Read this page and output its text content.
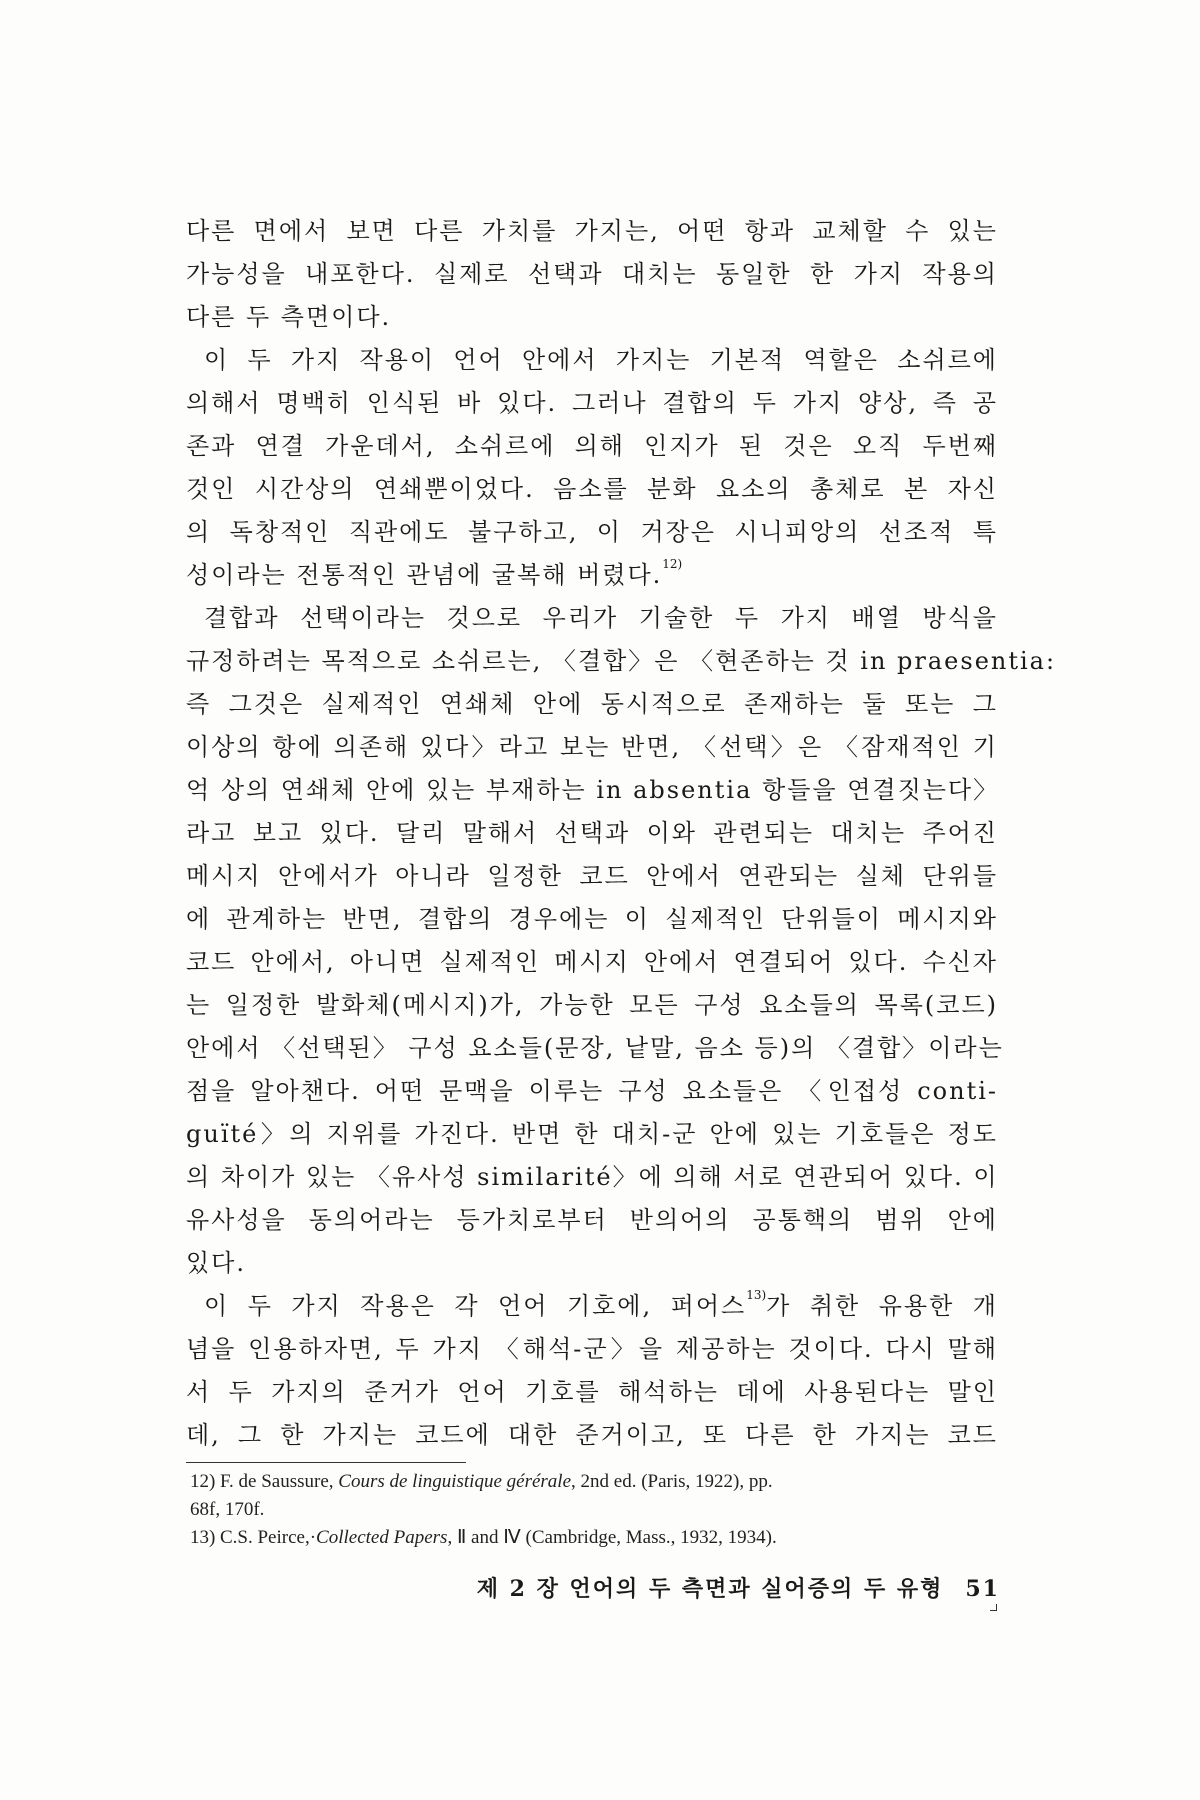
다른 면에서 보면 다른 가치를 가지는, 어떤 항과 교체할 수 있는
가능성을 내포한다. 실제로 선택과 대치는 동일한 한 가지 작용의
다른 두 측면이다.
이 두 가지 작용이 언어 안에서 가지는 기본적 역할은 소쉬르에
의해서 명백히 인식된 바 있다. 그러나 결합의 두 가지 양상, 즉 공
존과 연결 가운데서, 소쉬르에 의해 인지가 된 것은 오직 두번째
것인 시간상의 연쇄뿐이었다. 음소를 분화 요소의 총체로 본 자신
의 독창적인 직관에도 불구하고, 이 거장은 시니피앙의 선조적 특
성이라는 전통적인 관념에 굴복해 버렸다.$^{12)}$
결합과 선택이라는 것으로 우리가 기술한 두 가지 배열 방식을
규정하려는 목적으로 소쉬르는, 〈결합〉은 〈현존하는 것 in praesentia:
즉 그것은 실제적인 연쇄체 안에 동시적으로 존재하는 둘 또는 그
이상의 항에 의존해 있다〉라고 보는 반면, 〈선택〉은 〈잠재적인 기
억 상의 연쇄체 안에 있는 부재하는 in absentia 항들을 연결짓는다〉
라고 보고 있다. 달리 말해서 선택과 이와 관련되는 대치는 주어진
메시지 안에서가 아니라 일정한 코드 안에서 연관되는 실체 단위들
에 관계하는 반면, 결합의 경우에는 이 실제적인 단위들이 메시지와
코드 안에서, 아니면 실제적인 메시지 안에서 연결되어 있다. 수신자
는 일정한 발화체(메시지)가, 가능한 모든 구성 요소들의 목록(코드)
안에서 〈선택된〉 구성 요소들(문장, 낱말, 음소 등)의 〈결합〉이라는
점을 알아챈다. 어떤 문맥을 이루는 구성 요소들은 〈인접성 conti-
guïté〉의 지위를 가진다. 반면 한 대치-군 안에 있는 기호들은 정도
의 차이가 있는 〈유사성 similarité〉에 의해 서로 연관되어 있다. 이
유사성을 동의어라는 등가치로부터 반의어의 공통핵의 범위 안에
있다.
이 두 가지 작용은 각 언어 기호에, 퍼어스$^{13)}$가 취한 유용한 개
념을 인용하자면, 두 가지 〈해석-군〉을 제공하는 것이다. 다시 말해
서 두 가지의 준거가 언어 기호를 해석하는 데에 사용된다는 말인
데, 그 한 가지는 코드에 대한 준거이고, 또 다른 한 가지는 코드
12) F. de Saussure, Cours de linguistique gérérale, 2nd ed. (Paris, 1922), pp.
68f, 170f.
13) C.S. Peirce,·Collected Papers, Ⅱ and Ⅳ (Cambridge, Mass., 1932, 1934).
제 2 장 언어의 두 측면과 실어증의 두 유형 51
